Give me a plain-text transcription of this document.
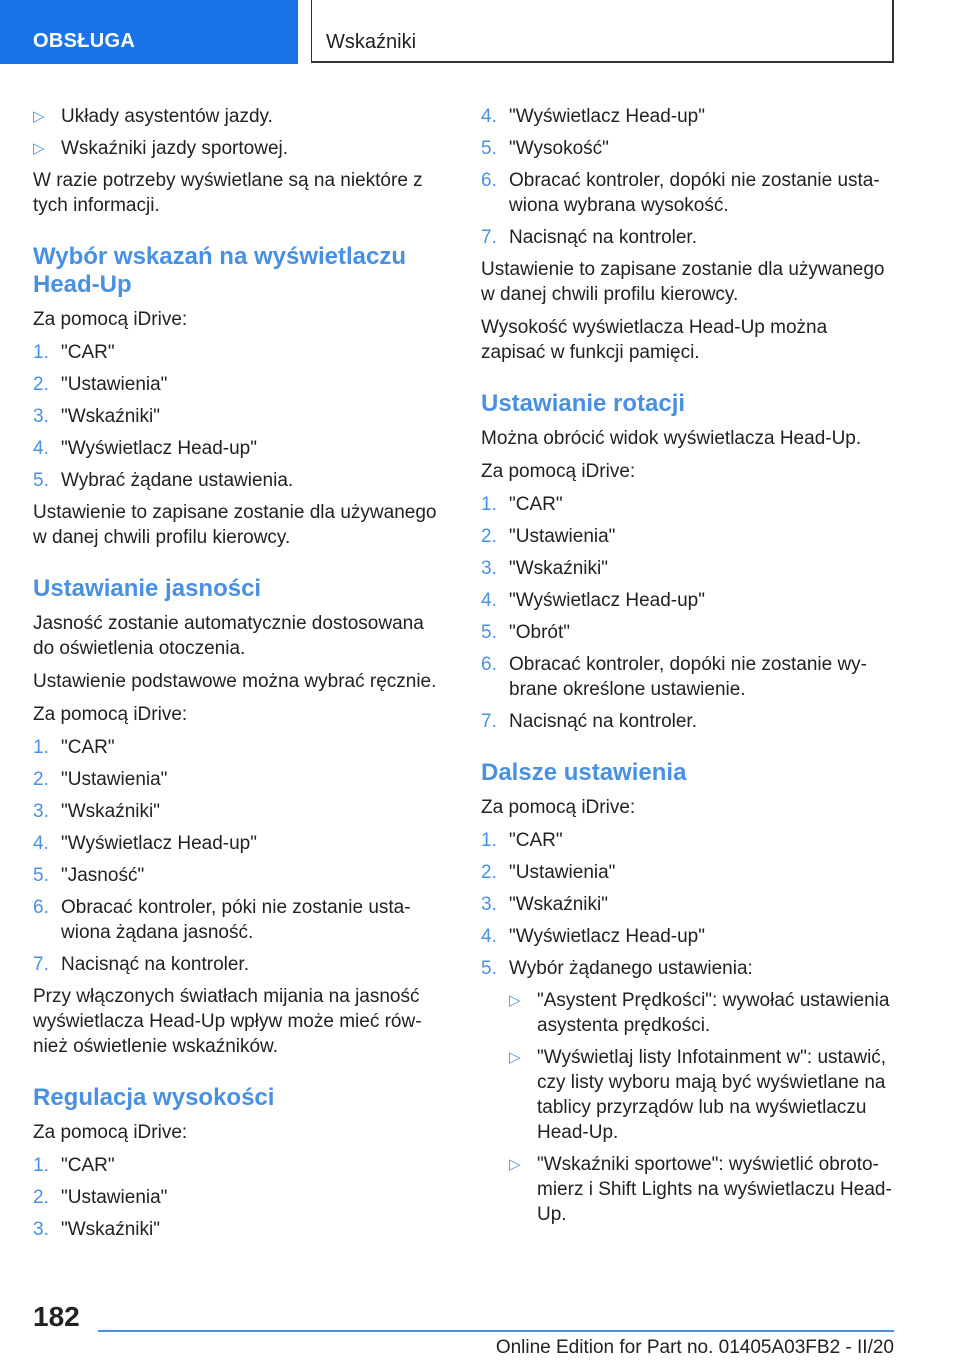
OBSŁUGA	Wskaźniki
▷ Układy asystentów jazdy.
▷ Wskaźniki jazdy sportowej.

W razie potrzeby wyświetlane są na niektóre z tych informacji.

Wybór wskazań na wyświetlaczu Head-Up

Za pomocą iDrive:

1. "CAR"
2. "Ustawienia"
3. "Wskaźniki"
4. "Wyświetlacz Head-up"
5. Wybrać żądane ustawienia.

Ustawienie to zapisane zostanie dla używanego w danej chwili profilu kierowcy.

Ustawianie jasności

Jasność zostanie automatycznie dostosowana do oświetlenia otoczenia.

Ustawienie podstawowe można wybrać ręcznie.

Za pomocą iDrive:

1. "CAR"
2. "Ustawienia"
3. "Wskaźniki"
4. "Wyświetlacz Head-up"
5. "Jasność"
6. Obracać kontroler, póki nie zostanie usta- wiona żądana jasność.
7. Nacisnąć na kontroler.

Przy włączonych światłach mijania na jasność wyświetlacza Head-Up wpływ może mieć rów- nież oświetlenie wskaźników.

Regulacja wysokości

Za pomocą iDrive:

1. "CAR"
2. "Ustawienia"
3. "Wskaźniki"
4. "Wyświetlacz Head-up"
5. "Wysokość"
6. Obracać kontroler, dopóki nie zostanie usta- wiona wybrana wysokość.
7. Nacisnąć na kontroler.

Ustawienie to zapisane zostanie dla używanego w danej chwili profilu kierowcy.

Wysokość wyświetlacza Head-Up można zapisać w funkcji pamięci.

Ustawianie rotacji

Można obrócić widok wyświetlacza Head-Up.

Za pomocą iDrive:

1. "CAR"
2. "Ustawienia"
3. "Wskaźniki"
4. "Wyświetlacz Head-up"
5. "Obrót"
6. Obracać kontroler, dopóki nie zostanie wy- brane określone ustawienie.
7. Nacisnąć na kontroler.
Dalsze ustawienia

Za pomocą iDrive:

1. "CAR"
2. "Ustawienia"
3. "Wskaźniki"
4. "Wyświetlacz Head-up"
5. Wybór żądanego ustawienia:
▷ "Asystent Prędkości": wywołać ustawienia asystenta prędkości.
▷ "Wyświetlaj listy Infotainment w": ustawić, czy listy wyboru mają być wyświetlane na tablicy przyrządów lub na wyświetlaczu Head-Up.
▷ "Wskaźniki sportowe": wyświetlić obroto- mierz i Shift Lights na wyświetlaczu Head- Up.
182
Online Edition for Part no. 01405A03FB2 - II/20
